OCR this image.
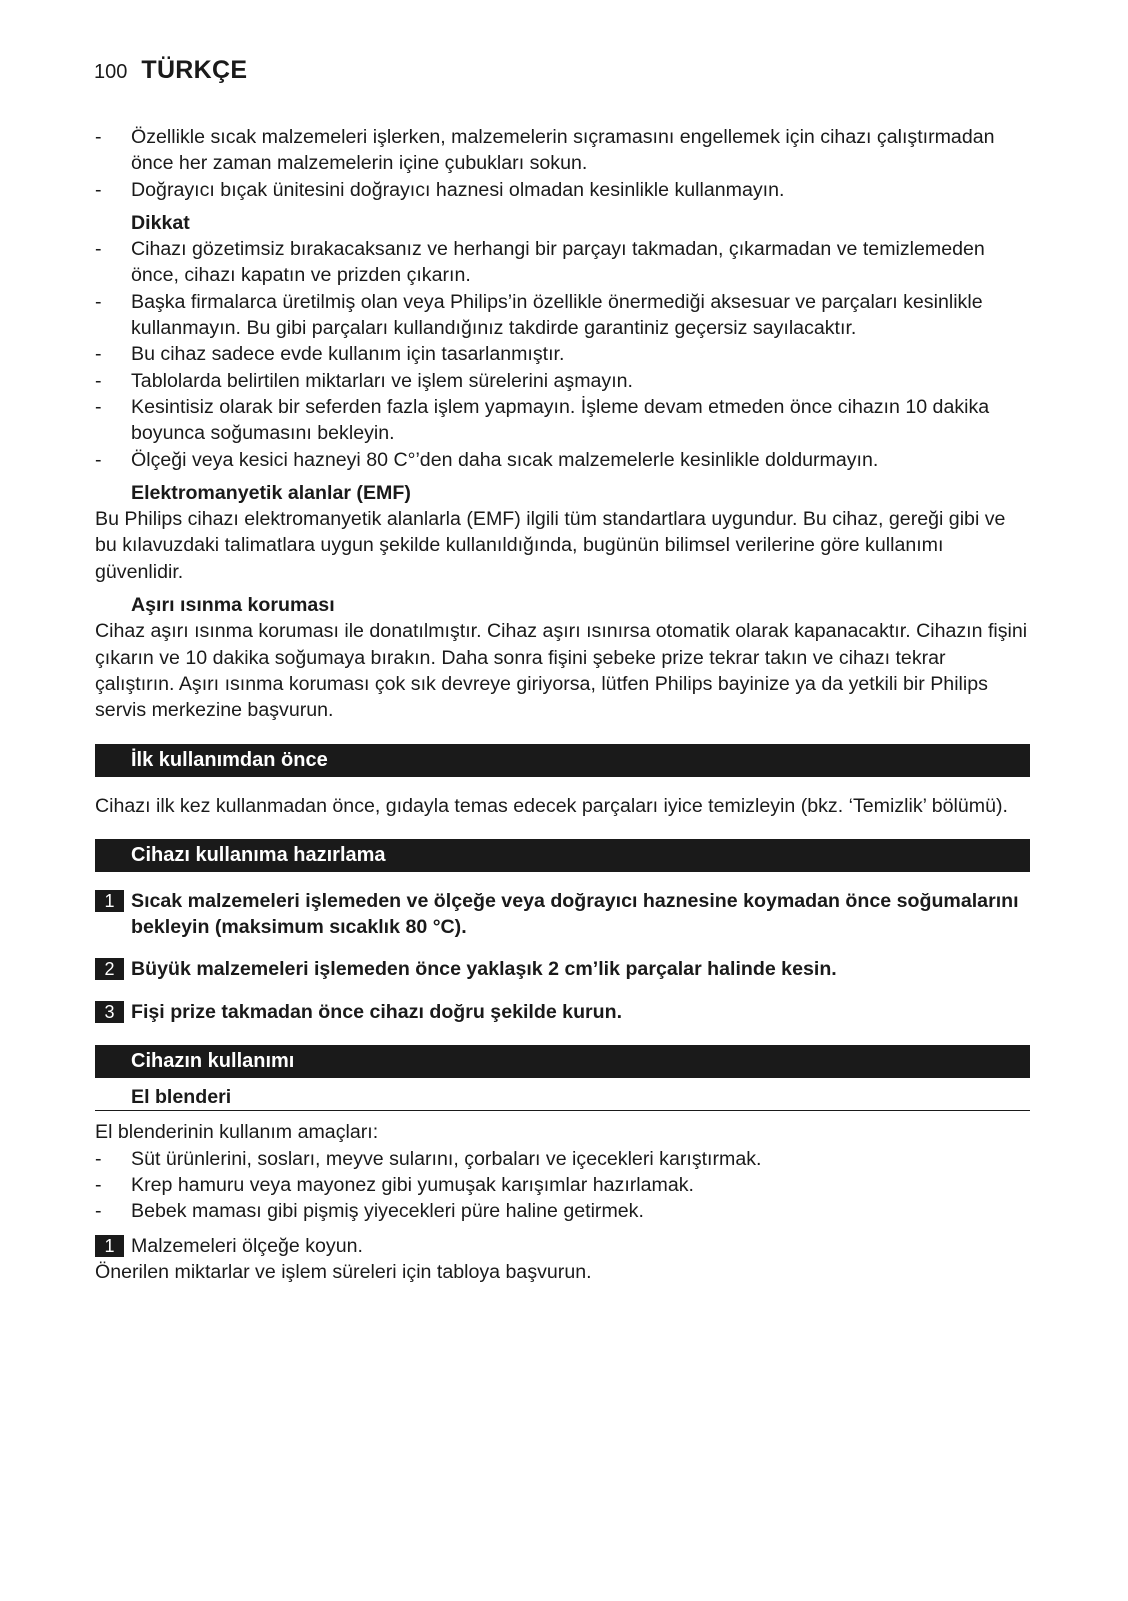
100 TÜRKÇE
- Özellikle sıcak malzemeleri işlerken, malzemelerin sıçramasını engellemek için cihazı çalıştırmadan önce her zaman malzemelerin içine çubukları sokun.
- Doğrayıcı bıçak ünitesini doğrayıcı haznesi olmadan kesinlikle kullanmayın.
Dikkat
- Cihazı gözetimsiz bırakacaksanız ve herhangi bir parçayı takmadan, çıkarmadan ve temizlemeden önce, cihazı kapatın ve prizden çıkarın.
- Başka firmalarca üretilmiş olan veya Philips’in özellikle önermediği aksesuar ve parçaları kesinlikle kullanmayın. Bu gibi parçaları kullandığınız takdirde garantiniz geçersiz sayılacaktır.
- Bu cihaz sadece evde kullanım için tasarlanmıştır.
- Tablolarda belirtilen miktarları ve işlem sürelerini aşmayın.
- Kesintisiz olarak bir seferden fazla işlem yapmayın. İşleme devam etmeden önce cihazın 10 dakika boyunca soğumasını bekleyin.
- Ölçeği veya kesici hazneyi 80 C°’den daha sıcak malzemelerle kesinlikle doldurmayın.
Elektromanyetik alanlar (EMF)

Bu Philips cihazı elektromanyetik alanlarla (EMF) ilgili tüm standartlara uygundur. Bu cihaz, gereği gibi ve bu kılavuzdaki talimatlara uygun şekilde kullanıldığında, bugünün bilimsel verilerine göre kullanımı güvenlidir.

Aşırı ısınma koruması

Cihaz aşırı ısınma koruması ile donatılmıştır. Cihaz aşırı ısınırsa otomatik olarak kapanacaktır. Cihazın fişini çıkarın ve 10 dakika soğumaya bırakın. Daha sonra fişini şebeke prize tekrar takın ve cihazı tekrar çalıştırın. Aşırı ısınma koruması çok sık devreye giriyorsa, lütfen Philips bayinize ya da yetkili bir Philips servis merkezine başvurun.

İlk kullanımdan önce

Cihazı ilk kez kullanmadan önce, gıdayla temas edecek parçaları iyice temizleyin (bkz. ‘Temizlik’ bölümü).

Cihazı kullanıma hazırlama
1 Sıcak malzemeleri işlemeden ve ölçeğe veya doğrayıcı haznesine koymadan önce soğumalarını bekleyin (maksimum sıcaklık 80 °C).
2 Büyük malzemeleri işlemeden önce yaklaşık 2 cm’lik parçalar halinde kesin.
3 Fişi prize takmadan önce cihazı doğru şekilde kurun.
Cihazın kullanımı
El blenderi

El blenderinin kullanım amaçları:

- Süt ürünlerini, sosları, meyve sularını, çorbaları ve içecekleri karıştırmak.
- Krep hamuru veya mayonez gibi yumuşak karışımlar hazırlamak.
- Bebek maması gibi pişmiş yiyecekleri püre haline getirmek.
1 Malzemeleri ölçeğe koyun.

Önerilen miktarlar ve işlem süreleri için tabloya başvurun.
